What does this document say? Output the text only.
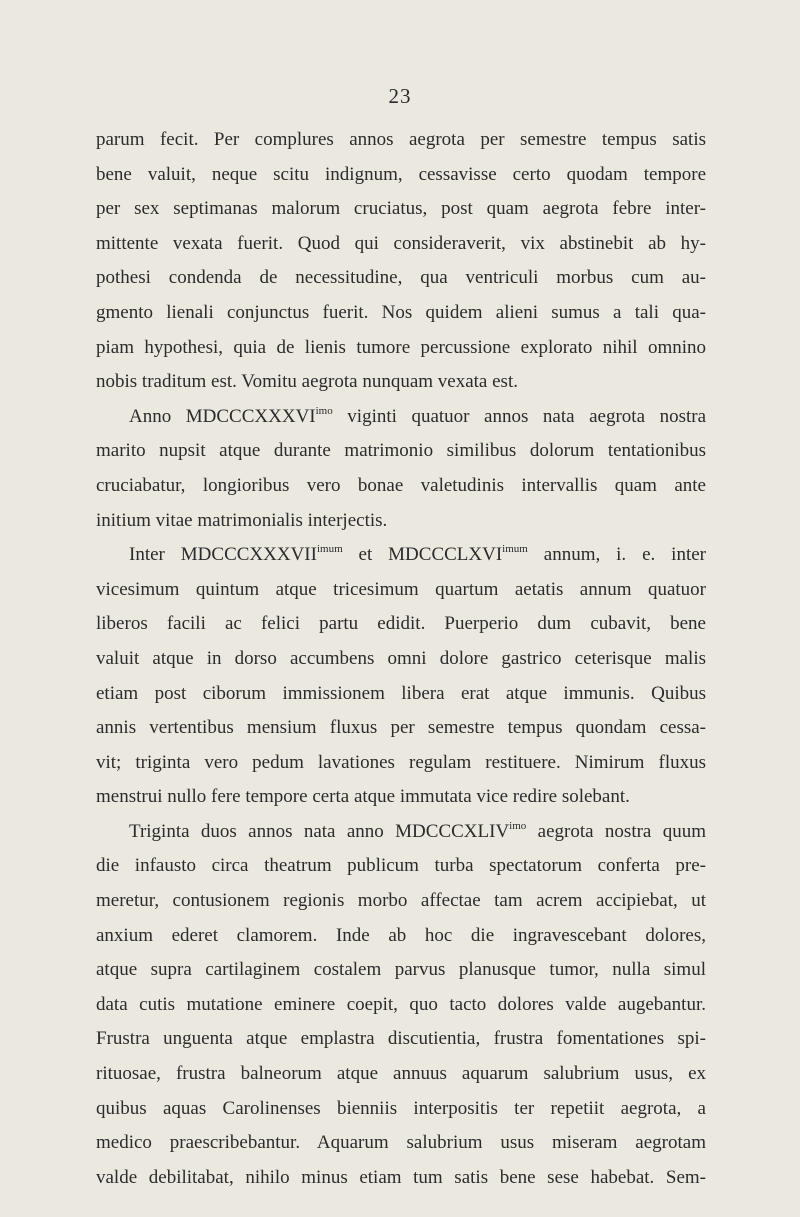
23
parum fecit. Per complures annos aegrota per semestre tempus satis
bene valuit, neque scitu indignum, cessavisse certo quodam tempore
per sex septimanas malorum cruciatus, post quam aegrota febre inter-
mittente vexata fuerit. Quod qui consideraverit, vix abstinebit ab hy-
pothesi condenda de necessitudine, qua ventriculi morbus cum au-
gmento lienali conjunctus fuerit. Nos quidem alieni sumus a tali qua-
piam hypothesi, quia de lienis tumore percussione explorato nihil omnino
nobis traditum est. Vomitu aegrota nunquam vexata est.
Anno $MDCCCXXXVI^{imo}$ viginti quatuor annos nata aegrota nostra
marito nupsit atque durante matrimonio similibus dolorum tentationibus
cruciabatur, longioribus vero bonae valetudinis intervallis quam ante
initium vitae matrimonialis interjectis.
Inter $MDCCCXXXVII^{imum}$ et $MDCCCLXVI^{imum}$ annum, i. e. inter
vicesimum quintum atque tricesimum quartum aetatis annum quatuor
liberos facili ac felici partu edidit. Puerperio dum cubavit, bene
valuit atque in dorso accumbens omni dolore gastrico ceterisque malis
etiam post ciborum immissionem libera erat atque immunis. Quibus
annis vertentibus mensium fluxus per semestre tempus quondam cessa-
vit; triginta vero pedum lavationes regulam restituere. Nimirum fluxus
menstrui nullo fere tempore certa atque immutata vice redire solebant.
Triginta duos annos nata anno $MDCCCXLIV^{imo}$ aegrota nostra quum
die infausto circa theatrum publicum turba spectatorum conferta pre-
meretur, contusionem regionis morbo affectae tam acrem accipiebat, ut
anxium ederet clamorem. Inde ab hoc die ingravescebant dolores,
atque supra cartilaginem costalem parvus planusque tumor, nulla simul
data cutis mutatione eminere coepit, quo tacto dolores valde augebantur.
Frustra unguenta atque emplastra discutientia, frustra fomentationes spi-
rituosae, frustra balneorum atque annuus aquarum salubrium usus, ex
quibus aquas Carolinenses bienniis interpositis ter repetiit aegrota, a
medico praescribebantur. Aquarum salubrium usus miseram aegrotam
valde debilitabat, nihilo minus etiam tum satis bene sese habebat. Sem-
